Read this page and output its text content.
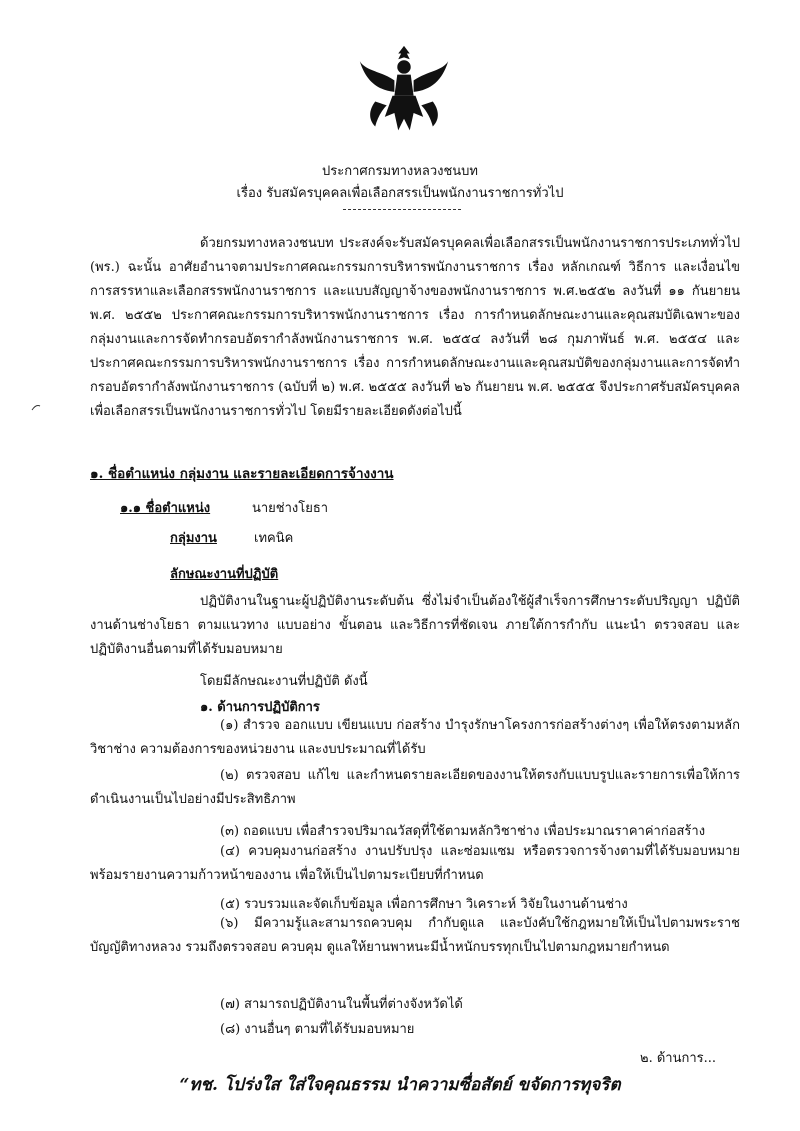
ประกาศกรมทางหลวงชนบท
เรื่อง รับสมัครบุคคลเพื่อเลือกสรรเป็นพนักงานราชการทั่วไป
ด้วยกรมทางหลวงชนบท ประสงค์จะรับสมัครบุคคลเพื่อเลือกสรรเป็นพนักงานราชการประเภททั่วไป (พร.) ฉะนั้น อาศัยอำนาจตามประกาศคณะกรรมการบริหารพนักงานราชการ เรื่อง หลักเกณฑ์ วิธีการ และเงื่อนไขการสรรหาและเลือกสรรพนักงานราชการ และแบบสัญญาจ้างของพนักงานราชการ พ.ศ.๒๕๕๒ ลงวันที่ ๑๑ กันยายน พ.ศ. ๒๕๕๒ ประกาศคณะกรรมการบริหารพนักงานราชการ เรื่อง การกำหนดลักษณะงานและคุณสมบัติเฉพาะของกลุ่มงานและการจัดทำกรอบอัตรากำลังพนักงานราชการ พ.ศ. ๒๕๕๔ ลงวันที่ ๒๘ กุมภาพันธ์ พ.ศ. ๒๕๕๔ และประกาศคณะกรรมการบริหารพนักงานราชการ เรื่อง การกำหนดลักษณะงานและคุณสมบัติของกลุ่มงานและการจัดทำกรอบอัตรากำลังพนักงานราชการ (ฉบับที่ ๒) พ.ศ. ๒๕๕๕ ลงวันที่ ๒๖ กันยายน พ.ศ. ๒๕๕๕ จึงประกาศรับสมัครบุคคลเพื่อเลือกสรรเป็นพนักงานราชการทั่วไป โดยมีรายละเอียดดังต่อไปนี้
๑. ชื่อตำแหน่ง กลุ่มงาน และรายละเอียดการจ้างงาน
๑.๑ ชื่อตำแหน่ง	นายช่างโยธา
กลุ่มงาน	เทคนิค
ลักษณะงานที่ปฏิบัติ
ปฏิบัติงานในฐานะผู้ปฏิบัติงานระดับต้น ซึ่งไม่จำเป็นต้องใช้ผู้สำเร็จการศึกษาระดับปริญญา ปฏิบัติงานด้านช่างโยธา ตามแนวทาง แบบอย่าง ขั้นตอน และวิธีการที่ชัดเจน ภายใต้การกำกับ แนะนำ ตรวจสอบ และปฏิบัติงานอื่นตามที่ได้รับมอบหมาย
โดยมีลักษณะงานที่ปฏิบัติ ดังนี้
๑. ด้านการปฏิบัติการ
(๑) สำรวจ ออกแบบ เขียนแบบ ก่อสร้าง บำรุงรักษาโครงการก่อสร้างต่างๆ เพื่อให้ตรงตามหลักวิชาช่าง ความต้องการของหน่วยงาน และงบประมาณที่ได้รับ
(๒) ตรวจสอบ แก้ไข และกำหนดรายละเอียดของงานให้ตรงกับแบบรูปและรายการเพื่อให้การดำเนินงานเป็นไปอย่างมีประสิทธิภาพ
(๓) ถอดแบบ เพื่อสำรวจปริมาณวัสดุที่ใช้ตามหลักวิชาช่าง เพื่อประมาณราคาค่าก่อสร้าง
(๔) ควบคุมงานก่อสร้าง งานปรับปรุง และซ่อมแซม หรือตรวจการจ้างตามที่ได้รับมอบหมาย พร้อมรายงานความก้าวหน้าของงาน เพื่อให้เป็นไปตามระเบียบที่กำหนด
(๕) รวบรวมและจัดเก็บข้อมูล เพื่อการศึกษา วิเคราะห์ วิจัยในงานด้านช่าง
(๖) มีความรู้และสามารถควบคุม กำกับดูแล และบังคับใช้กฎหมายให้เป็นไปตามพระราชบัญญัติทางหลวง รวมถึงตรวจสอบ ควบคุม ดูแลให้ยานพาหนะมีน้ำหนักบรรทุกเป็นไปตามกฎหมายกำหนด
(๗) สามารถปฏิบัติงานในพื้นที่ต่างจังหวัดได้
(๘) งานอื่นๆ ตามที่ได้รับมอบหมาย
๒. ด้านการ...
“ทช. โปร่งใส ใส่ใจคุณธรรม นำความซื่อสัตย์ ขจัดการทุจริต
